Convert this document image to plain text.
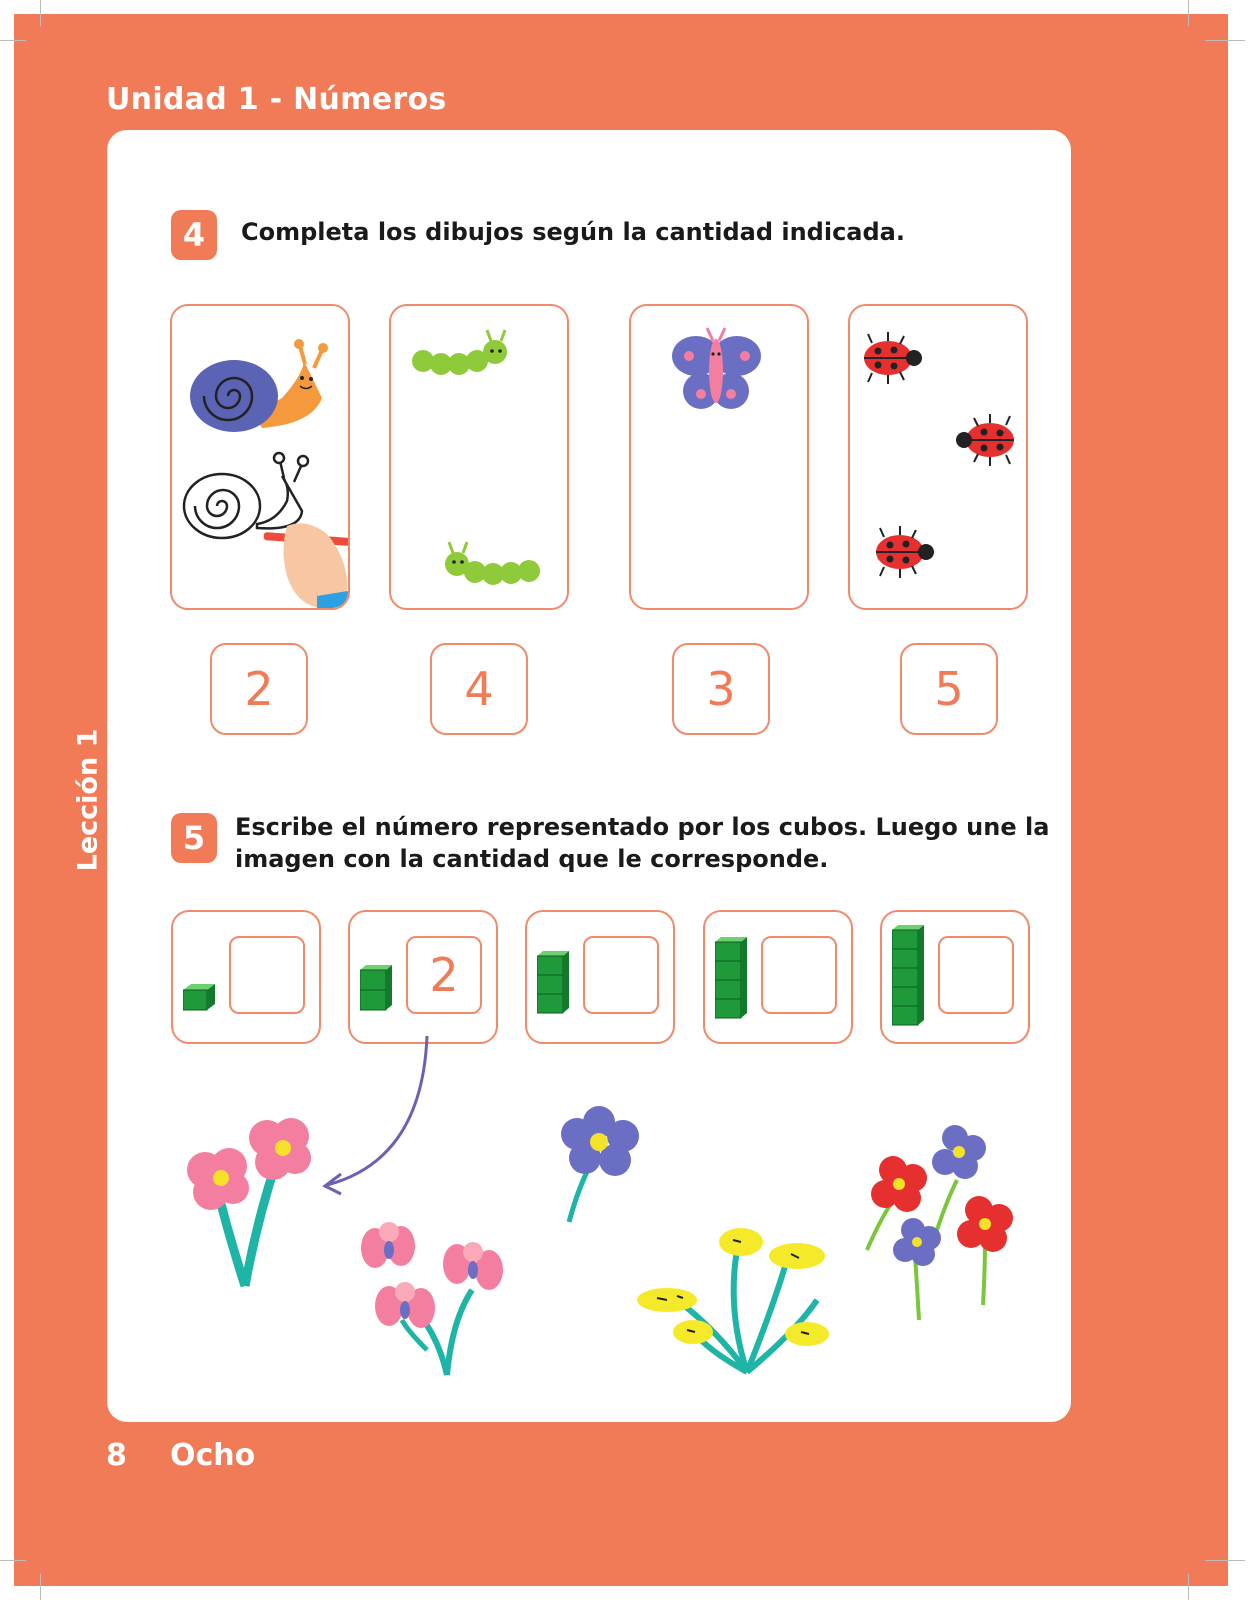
Unidad 1 - Números
Lección 1
8 Ocho
4	Completa los dibujos según la cantidad indicada.
2	4	3	5
5	Escribe el número representado por los cubos. Luego une la
imagen con la cantidad que le corresponde.
2
